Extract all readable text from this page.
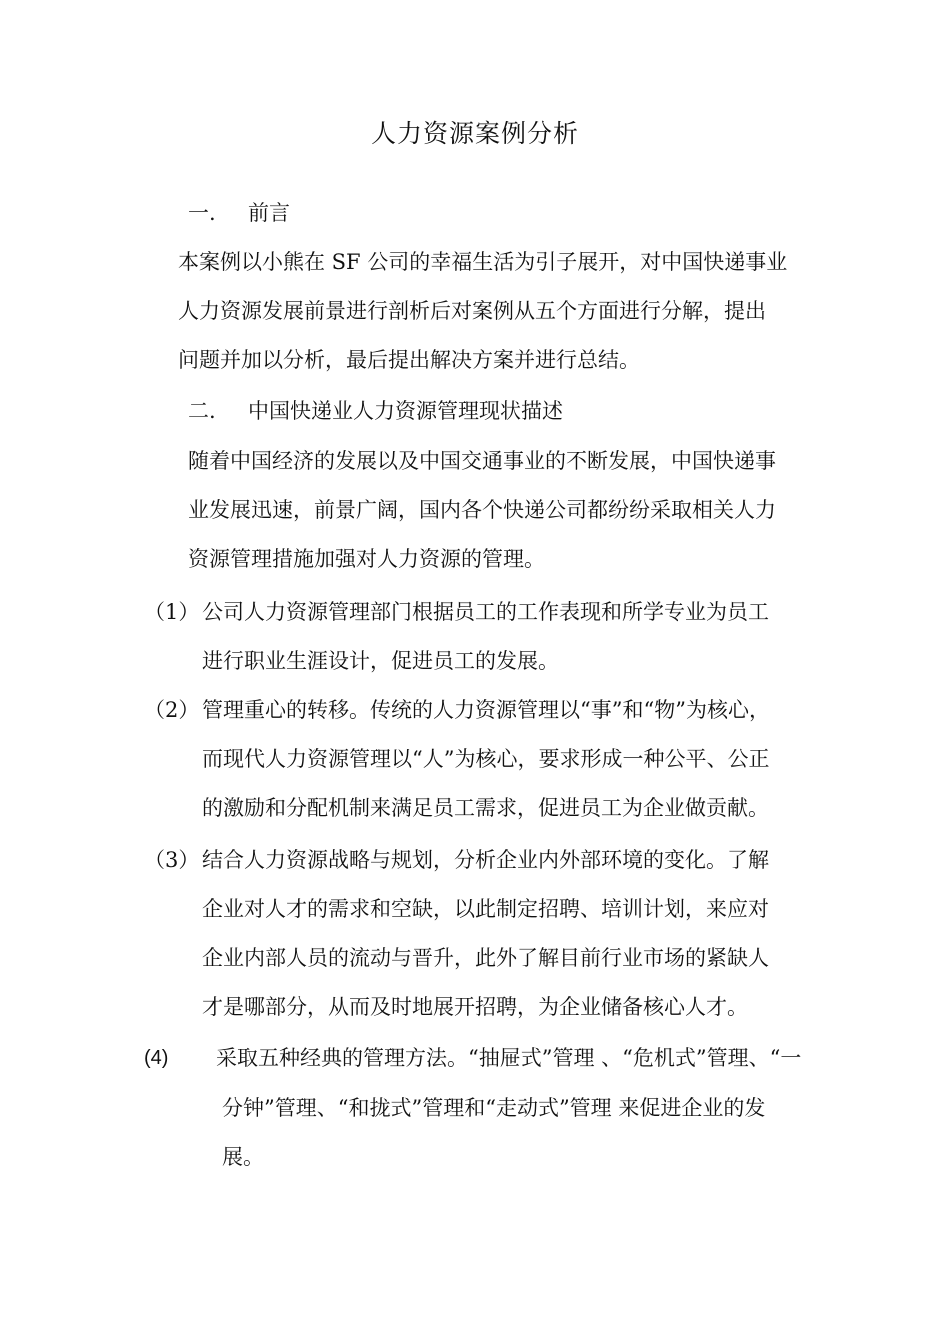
人力资源案例分析
一. 前言
本案例以小熊在 SF 公司的幸福生活为引子展开，对中国快递事业
人力资源发展前景进行剖析后对案例从五个方面进行分解，提出
问题并加以分析，最后提出解决方案并进行总结。
二. 中国快递业人力资源管理现状描述
随着中国经济的发展以及中国交通事业的不断发展，中国快递事
业发展迅速，前景广阔，国内各个快递公司都纷纷采取相关人力
资源管理措施加强对人力资源的管理。
（1） 公司人力资源管理部门根据员工的工作表现和所学专业为员工
进行职业生涯设计，促进员工的发展。
（2） 管理重心的转移。传统的人力资源管理以“事”和“物”为核心，
而现代人力资源管理以“人”为核心，要求形成一种公平、公正
的激励和分配机制来满足员工需求，促进员工为企业做贡献。
（3） 结合人力资源战略与规划，分析企业内外部环境的变化。了解
企业对人才的需求和空缺，以此制定招聘、培训计划，来应对
企业内部人员的流动与晋升，此外了解目前行业市场的紧缺人
才是哪部分，从而及时地展开招聘，为企业储备核心人才。
(4) 采取五种经典的管理方法。“抽屉式”管理 、“危机式”管理、“一
分钟”管理、“和拢式”管理和“走动式”管理 来促进企业的发
展。
